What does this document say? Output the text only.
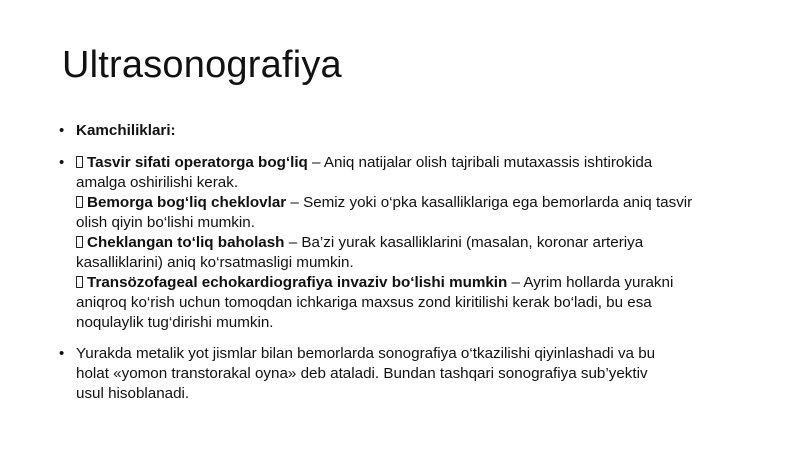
Ultrasonografiya
• Kamchiliklari:
• Tasvir sifati operatorga bog‘liq – Aniq natijalar olish tajribali mutaxassis ishtirokida
amalga oshirilishi kerak.
Bemorga bog‘liq cheklovlar – Semiz yoki o‘pka kasalliklariga ega bemorlarda aniq tasvir
olish qiyin bo‘lishi mumkin.
Cheklangan to‘liq baholash – Ba’zi yurak kasalliklarini (masalan, koronar arteriya
kasalliklarini) aniq ko‘rsatmasligi mumkin.
Transözofageal echokardiografiya invaziv bo‘lishi mumkin – Ayrim hollarda yurakni
aniqroq ko‘rish uchun tomoqdan ichkariga maxsus zond kiritilishi kerak bo‘ladi, bu esa
noqulaylik tug‘dirishi mumkin.
• Yurakda metalik yot jismlar bilan bemorlarda sonografiya o‘tkazilishi qiyinlashadi va bu
holat «yomon transtorakal oyna» deb ataladi. Bundan tashqari sonografiya sub’yektiv
usul hisoblanadi.
